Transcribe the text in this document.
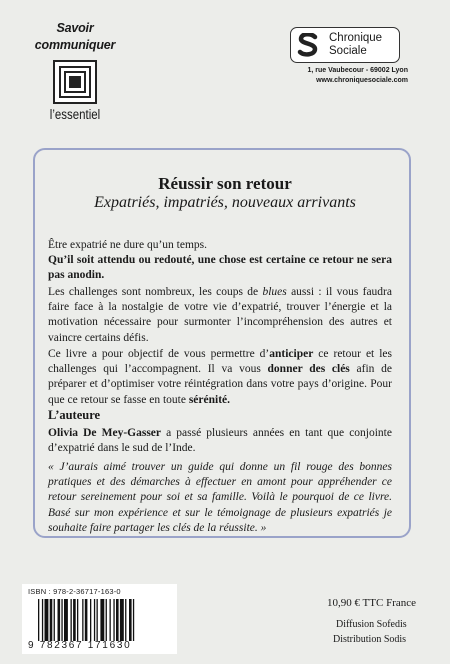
Savoir
communiquer
l’essentiel
Chronique
Sociale
1, rue Vaubecour - 69002 Lyon
www.chroniquesociale.com
Réussir son retour
Expatriés, impatriés, nouveaux arrivants
Être expatrié ne dure qu’un temps.
Qu’il soit attendu ou redouté, une chose est certaine ce retour ne sera pas anodin.
Les challenges sont nombreux, les coups de blues aussi : il vous faudra faire face à la nostalgie de votre vie d’expatrié, trouver l’énergie et la motivation nécessaire pour surmonter l’incompréhension des autres et vaincre certains défis.
Ce livre a pour objectif de vous permettre d’anticiper ce retour et les challenges qui l’accompagnent. Il va vous donner des clés afin de préparer et d’optimiser votre réintégration dans votre pays d’origine. Pour que ce retour se fasse en toute sérénité.
L’auteure
Olivia De Mey-Gasser a passé plusieurs années en tant que conjointe d’expatrié dans le sud de l’Inde.
« J’aurais aimé trouver un guide qui donne un fil rouge des bonnes pratiques et des démarches à effectuer en amont pour appréhender ce retour sereinement pour soi et sa famille. Voilà le pourquoi de ce livre. Basé sur mon expérience et sur le témoignage de plusieurs expatriés je souhaite faire partager les clés de la réussite. »
ISBN : 978-2-36717-163-0
9 782367 171630
10,90 € TTC France
Diffusion Sofedis
Distribution Sodis
